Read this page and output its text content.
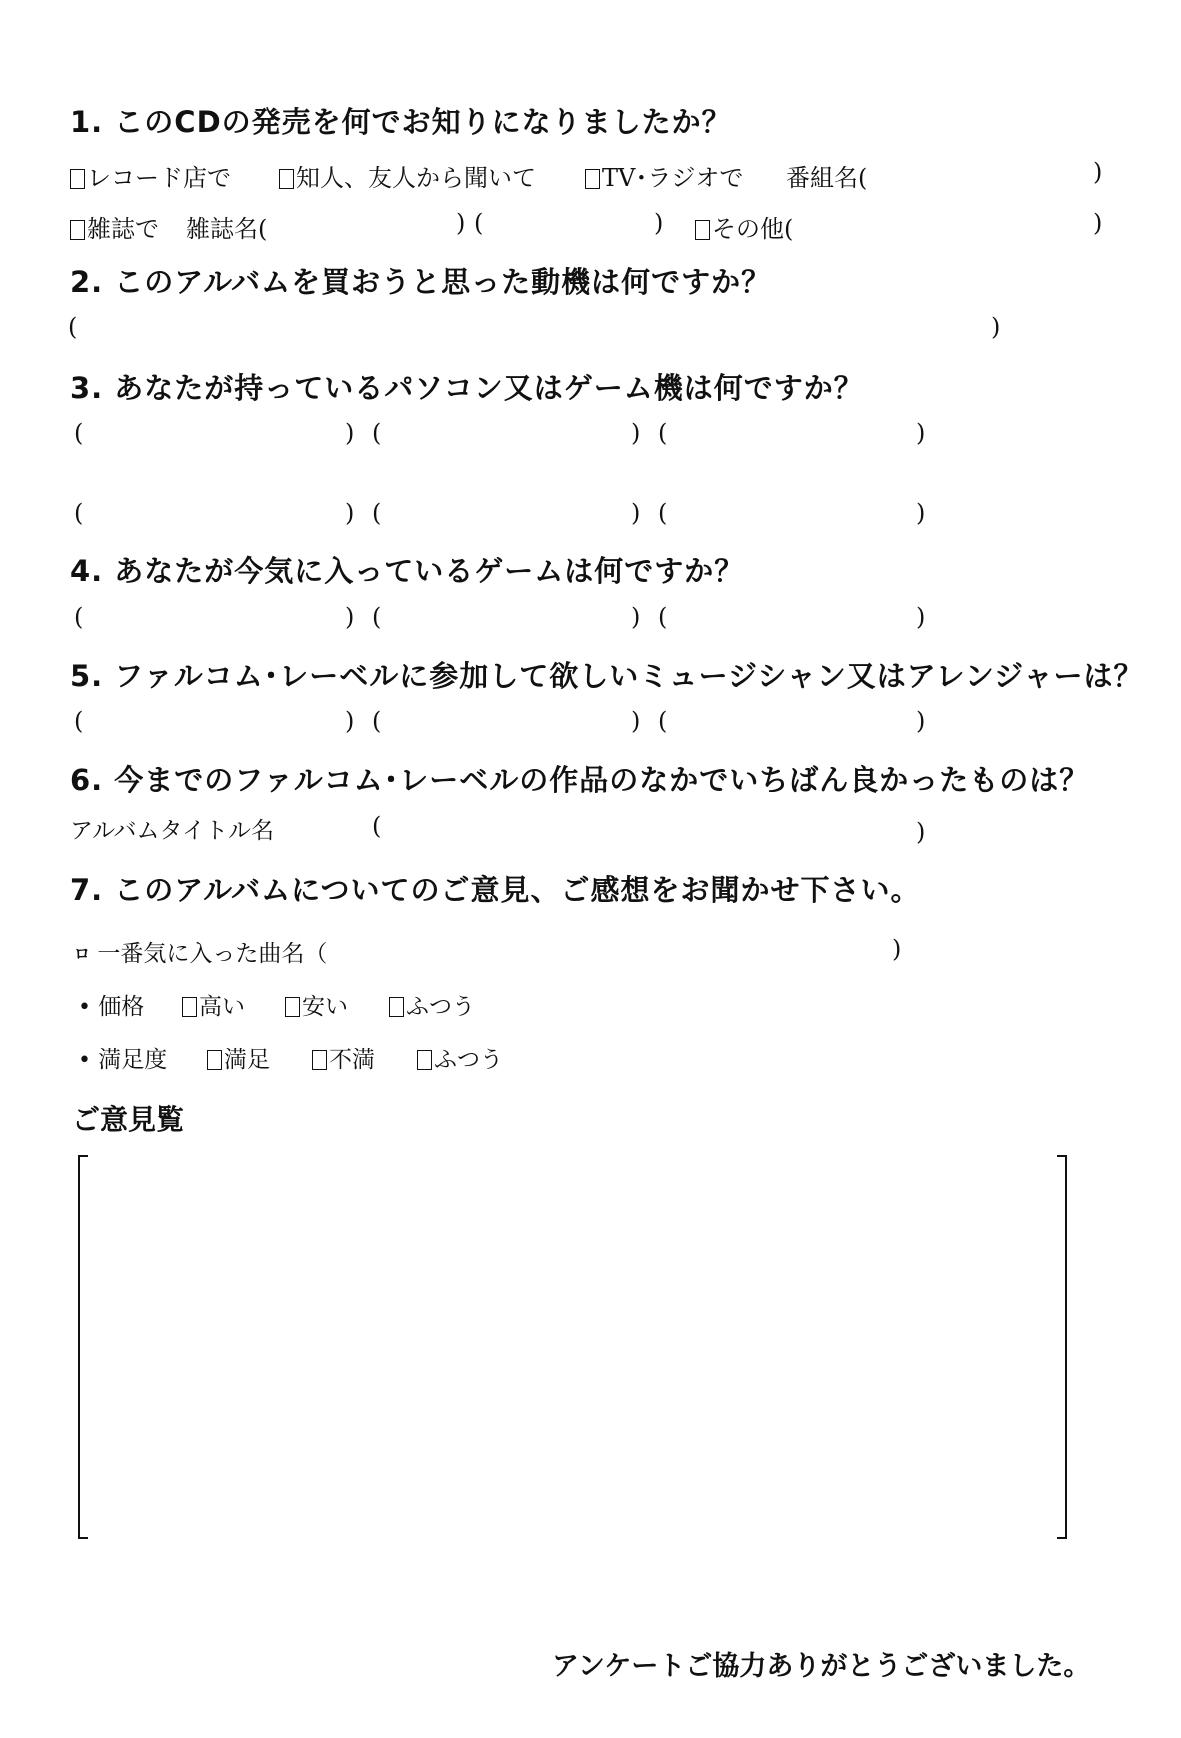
1. このCDの発売を何でお知りになりましたか？
レコード店で	知人、友人から聞いて	TV･ラジオで 番組名(	)
雑誌で 雑誌名(	) (	)	その他(	)
2. このアルバムを買おうと思った動機は何ですか？
(	)
3. あなたが持っているパソコン又はゲーム機は何ですか？
(	) (	) (	)
(	) (	) (	)
4. あなたが今気に入っているゲームは何ですか？
(	) (	) (	)
5. ファルコム･レーベルに参加して欲しいミュージシャン又はアレンジャーは？
(	) (	) (	)
6. 今までのファルコム･レーベルの作品のなかでいちばん良かったものは？
アルバムタイトル名	(	)
7. このアルバムについてのご意見、ご感想をお聞かせ下さい。
ロ 一番気に入った曲名（	)
• 価格	高い	安い	ふつう
• 満足度	満足	不満	ふつう
ご意見覧
アンケートご協力ありがとうございました。
